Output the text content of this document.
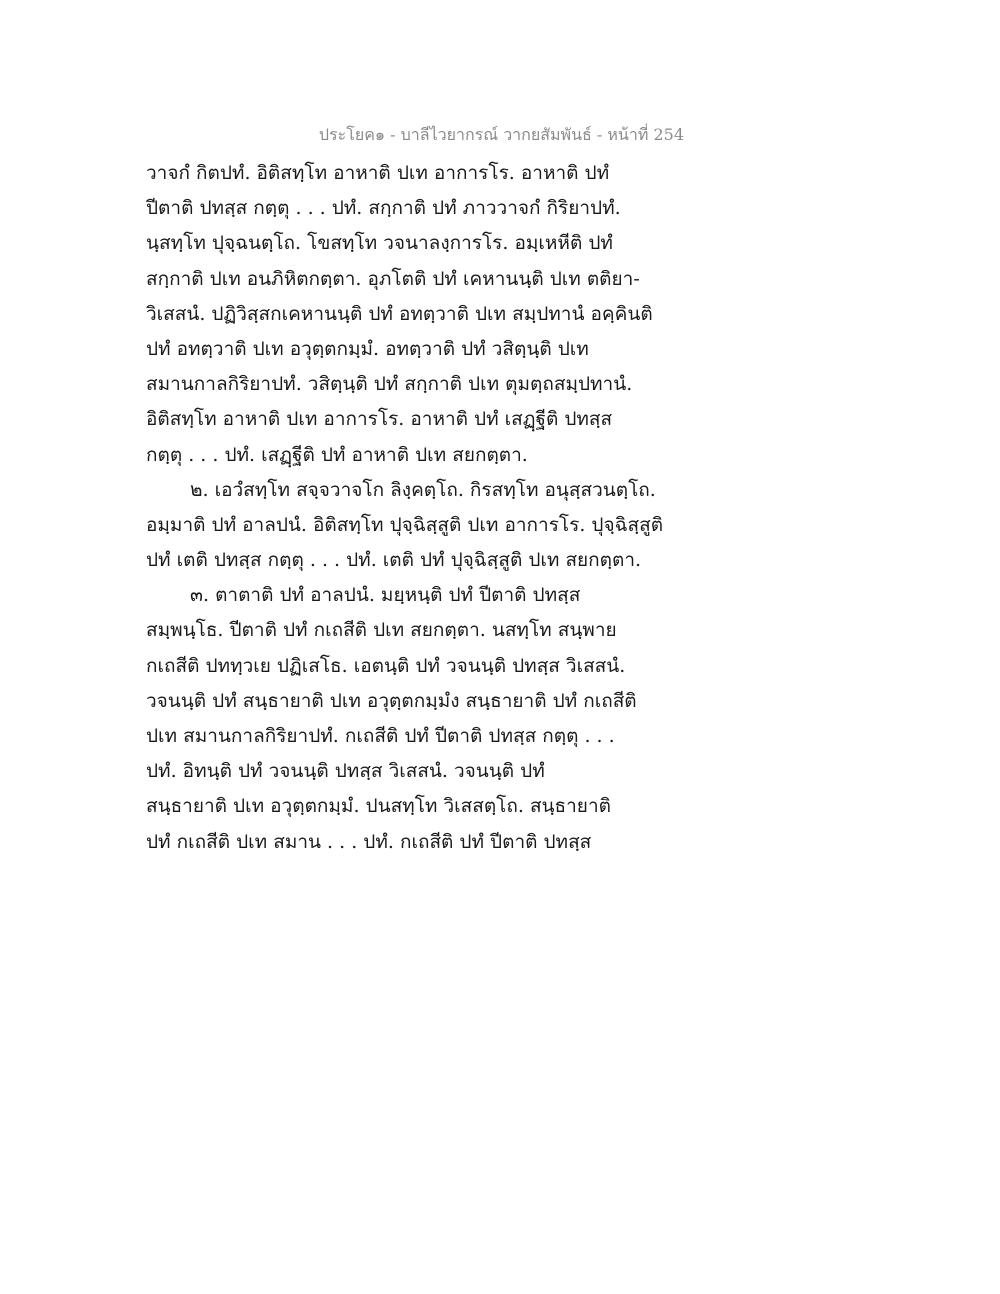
ประโยค๑ - บาลีไวยากรณ์ วากยสัมพันธ์ - หน้าที่ 254
วาจกํ กิตปทํ. อิติสทฺโท อาหาติ ปเท อาการโร. อาหาติ ปทํ
ปีตาติ ปทสฺส กตฺตุ . . . ปทํ. สกฺกาติ ปทํ ภาววาจกํ กิริยาปทํ.
นฺสทฺโท ปุจฺฉนตฺโถ. โขสทฺโท วจนาลงฺการโร. อมฺเหหีติ ปทํ
สกฺกาติ ปเท อนภิหิตกตฺตา. อุภโตติ ปทํ เคหานนฺติ ปเท ตติยา-
วิเสสนํ. ปฏิวิสฺสกเคหานนฺติ ปทํ อทตฺวาติ ปเท สมฺปทานํ อคฺคินติ
ปทํ อทตฺวาติ ปเท อวุตฺตกมฺมํ. อทตฺวาติ ปทํ วสิตฺนฺติ ปเท
สมานกาลกิริยาปทํ. วสิตฺนฺติ ปทํ สกฺกาติ ปเท ตุมตฺถสมฺปทานํ.
อิติสทฺโท อาหาติ ปเท อาการโร. อาหาติ ปทํ เสฏฺฐีติ ปทสฺส
กตฺตุ . . . ปทํ. เสฏฺฐีติ ปทํ อาหาติ ปเท สยกตฺตา.
๒. เอวํสทฺโท สจฺจวาจโก ลิงฺคตฺโถ. กิรสทฺโท อนุสฺสวนตฺโถ.
อมฺมาติ ปทํ อาลปนํ. อิติสทฺโท ปุจฺฉิสฺสูติ ปเท อาการโร. ปุจฺฉิสฺสูติ
ปทํ เตติ ปทสฺส กตฺตุ . . . ปทํ. เตติ ปทํ ปุจฺฉิสฺสูติ ปเท สยกตฺตา.
๓. ตาตาติ ปทํ อาลปนํ. มยฺหนฺติ ปทํ ปีตาติ ปทสฺส
สมฺพนฺโธ. ปีตาติ ปทํ กเถสีติ ปเท สยกตฺตา. นสทฺโท สนฺพาย
กเถสีติ ปททฺวเย ปฏิเสโธ. เอตนฺติ ปทํ วจนนฺติ ปทสฺส วิเสสนํ.
วจนนฺติ ปทํ สนฺธายาติ ปเท อวุตฺตกมฺมํง สนฺธายาติ ปทํ กเถสีติ
ปเท สมานกาลกิริยาปทํ. กเถสีติ ปทํ ปีตาติ ปทสฺส กตฺตุ . . .
ปทํ. อิทนฺติ ปทํ วจนนฺติ ปทสฺส วิเสสนํ. วจนนฺติ ปทํ
สนฺธายาติ ปเท อวุตฺตกมฺมํ. ปนสทฺโท วิเสสตฺโถ. สนฺธายาติ
ปทํ กเถสีติ ปเท สมาน . . . ปทํ. กเถสีติ ปทํ ปีตาติ ปทสฺส
